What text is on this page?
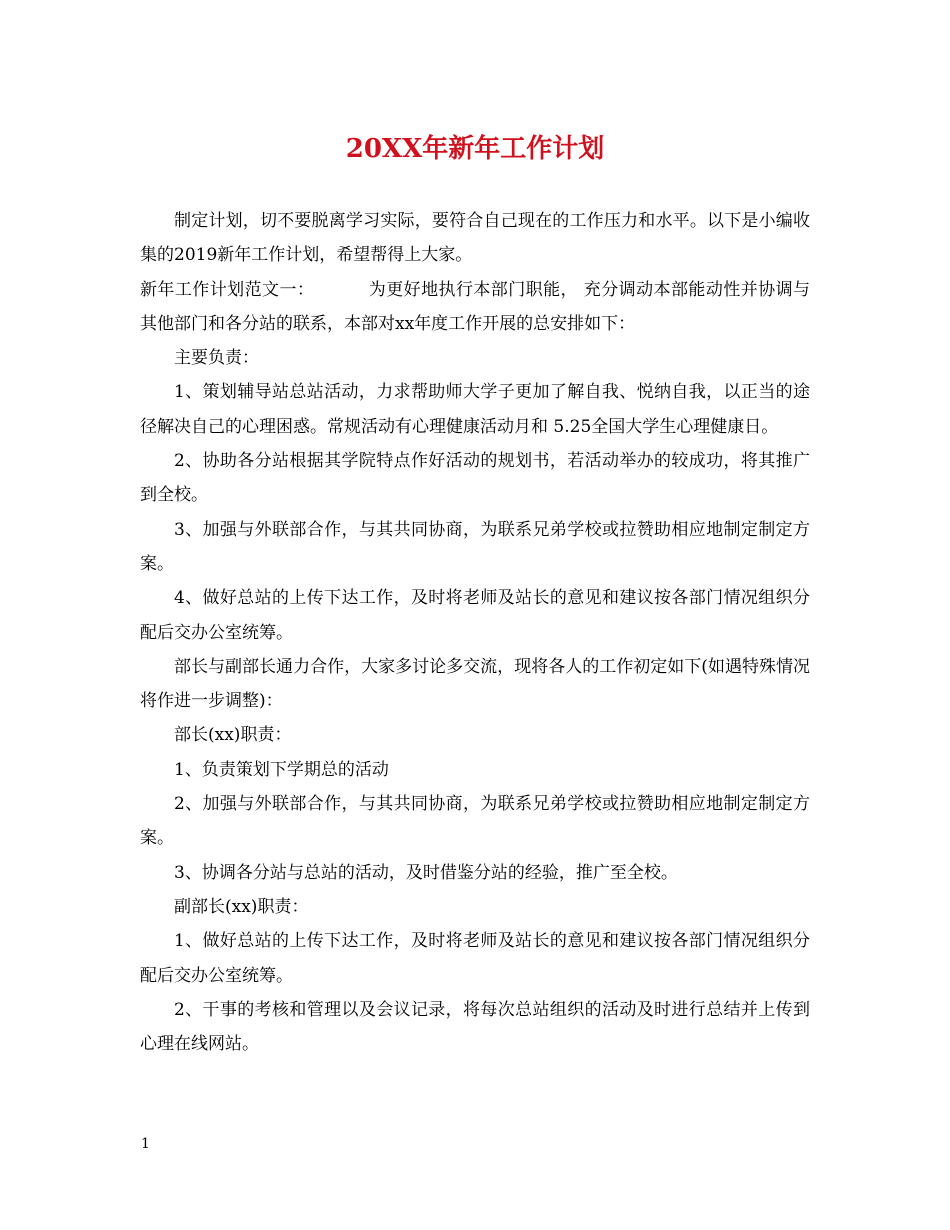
20XX年新年工作计划

制定计划，切不要脱离学习实际，要符合自己现在的工作压力和水平。以下是小编收集的2019新年工作计划，希望帮得上大家。

新年工作计划范文一：	为更好地执行本部门职能， 充分调动本部能动性并协调与其他部门和各分站的联系，本部对xx年度工作开展的总安排如下：

主要负责：

1、策划辅导站总站活动，力求帮助师大学子更加了解自我、悦纳自我，以正当的途径解决自己的心理困惑。常规活动有心理健康活动月和 5.25全国大学生心理健康日。

2、协助各分站根据其学院特点作好活动的规划书，若活动举办的较成功，将其推广到全校。

3、加强与外联部合作，与其共同协商，为联系兄弟学校或拉赞助相应地制定制定方案。

4、做好总站的上传下达工作，及时将老师及站长的意见和建议按各部门情况组织分配后交办公室统筹。

部长与副部长通力合作，大家多讨论多交流，现将各人的工作初定如下(如遇特殊情况将作进一步调整)：

部长(xx)职责：

1、负责策划下学期总的活动

2、加强与外联部合作，与其共同协商，为联系兄弟学校或拉赞助相应地制定制定方案。

3、协调各分站与总站的活动，及时借鉴分站的经验，推广至全校。

副部长(xx)职责：

1、做好总站的上传下达工作，及时将老师及站长的意见和建议按各部门情况组织分配后交办公室统筹。

2、干事的考核和管理以及会议记录，将每次总站组织的活动及时进行总结并上传到心理在线网站。

1
